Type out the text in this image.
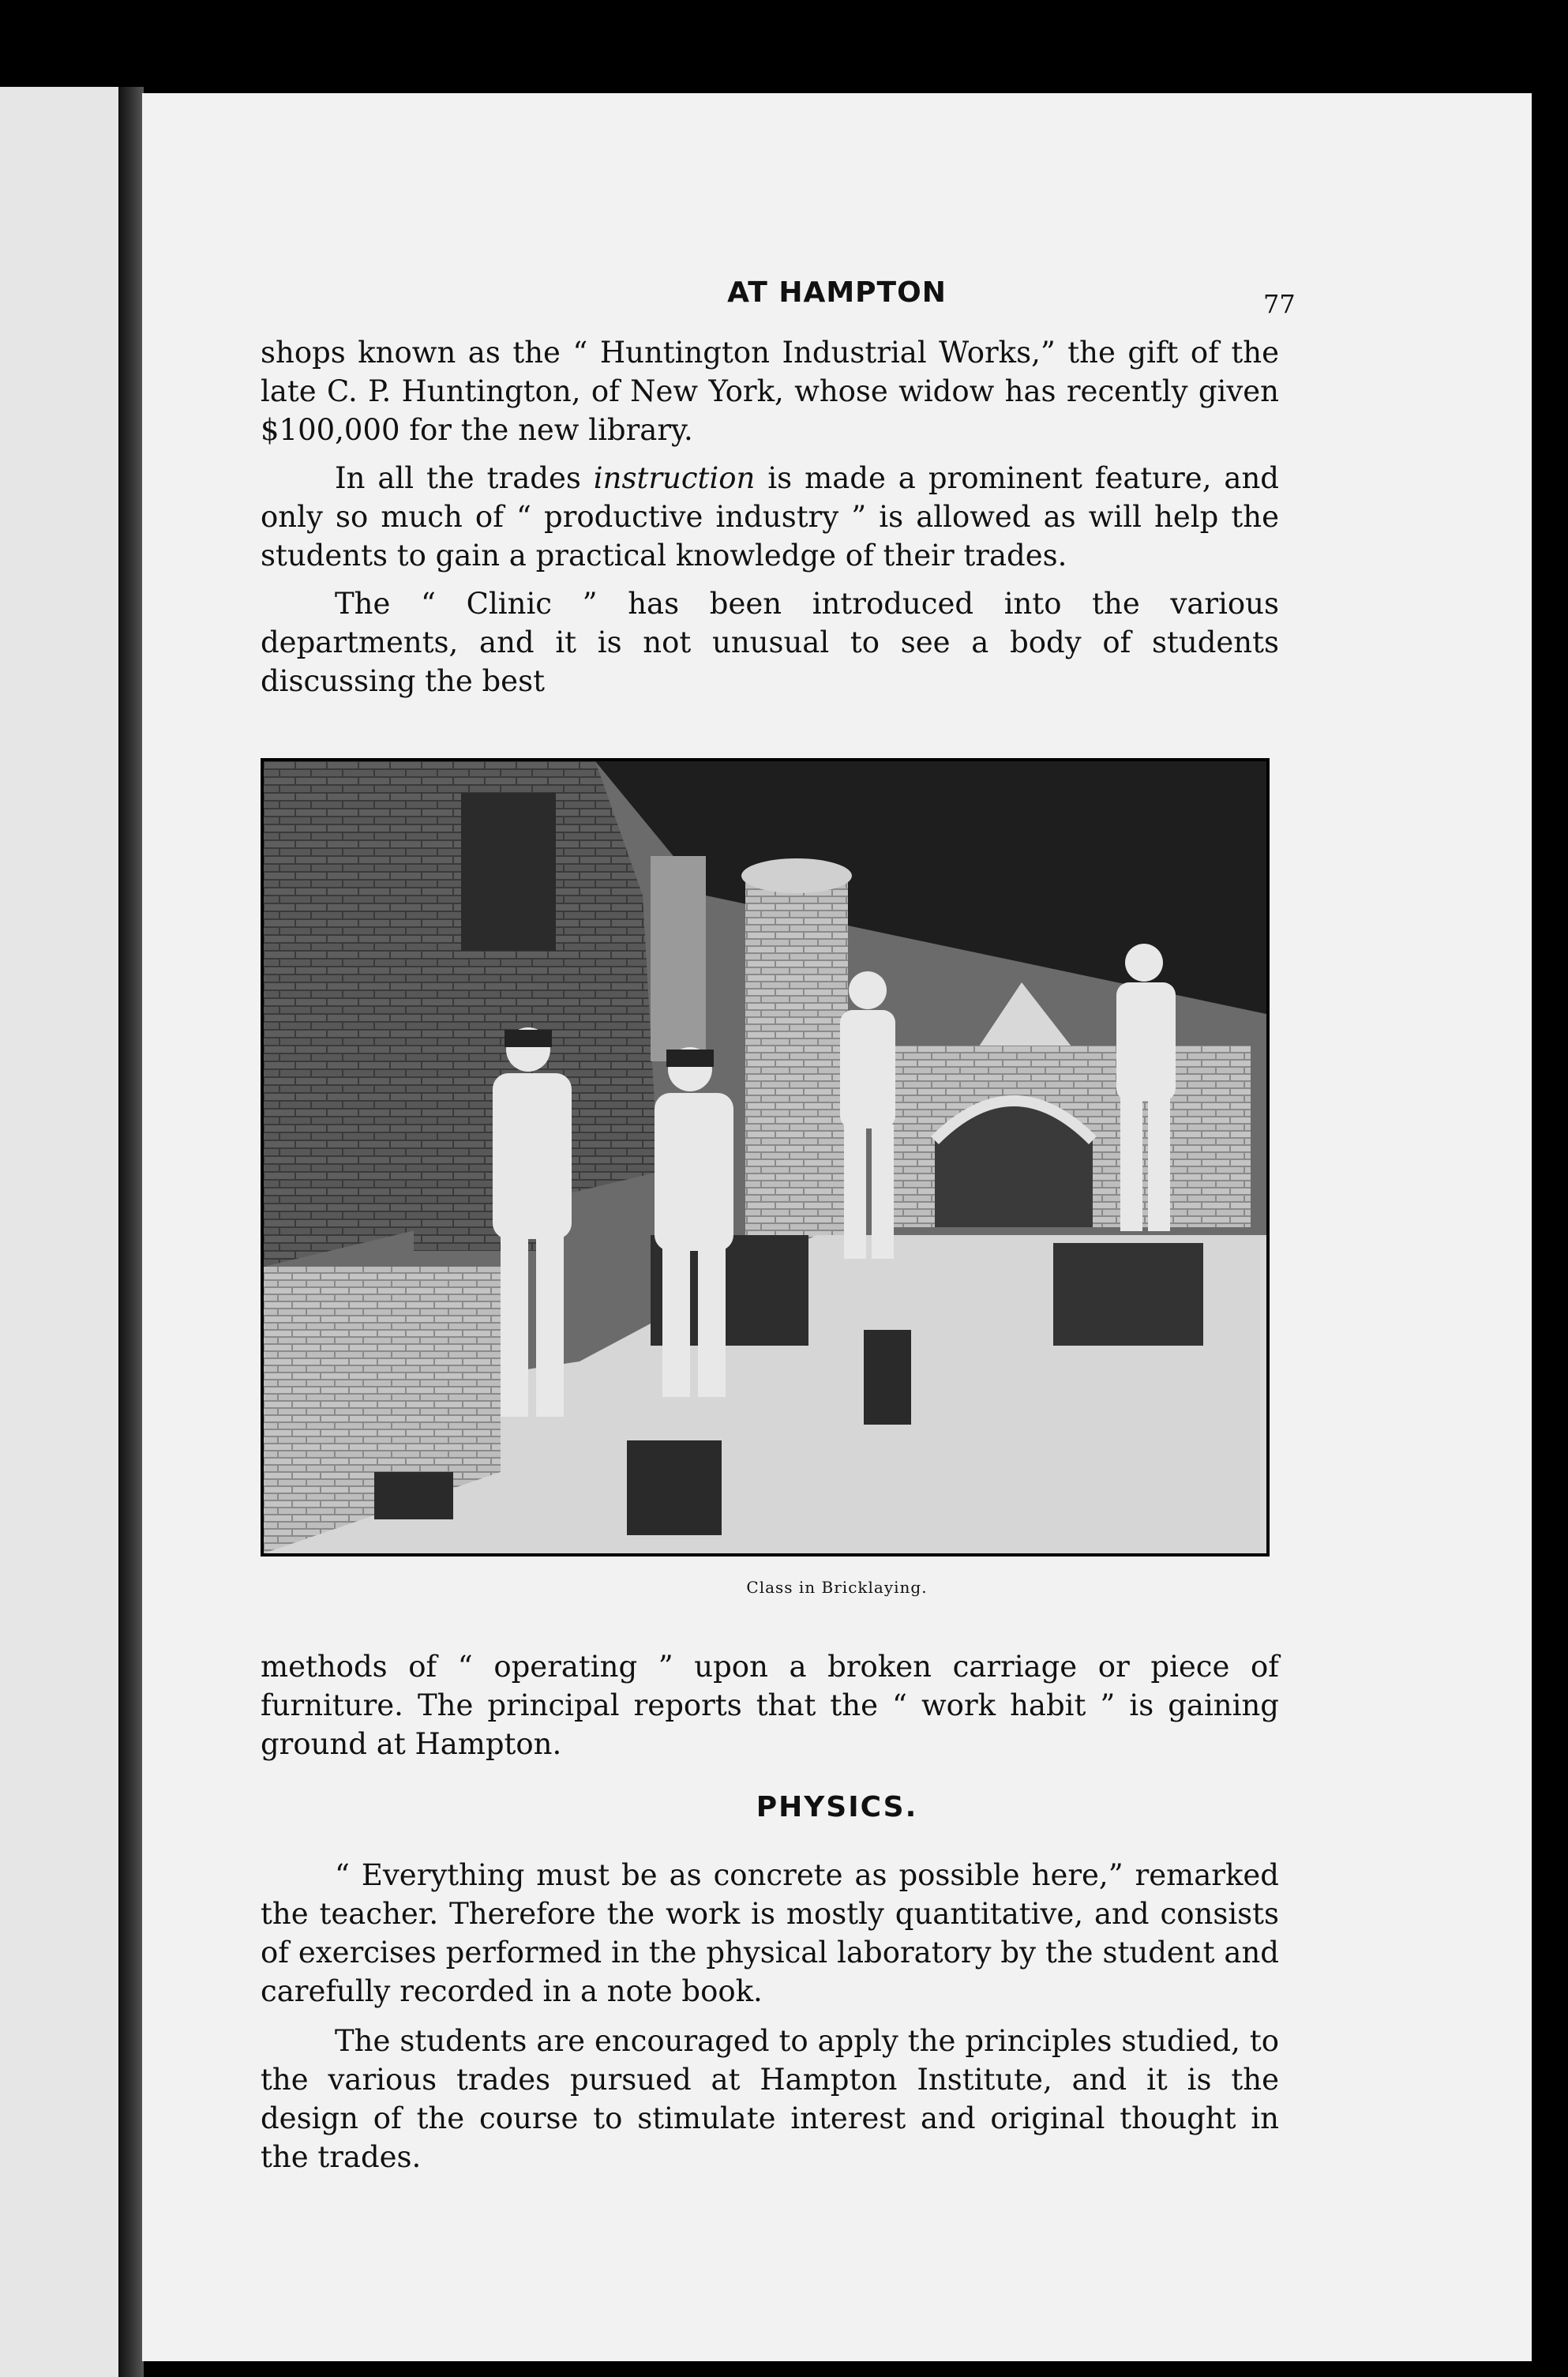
AT HAMPTON	77

shops known as the “ Huntington Industrial Works,” the gift of the late C. P. Huntington, of New York, whose widow has recently given $100,000 for the new library.

In all the trades instruction is made a prominent feature, and only so much of “ productive industry ” is allowed as will help the students to gain a practical knowledge of their trades.

The “ Clinic ” has been introduced into the various departments, and it is not unusual to see a body of students discussing the best

Class in Bricklaying.

methods of “ operating ” upon a broken carriage or piece of furniture. The principal reports that the “ work habit ” is gaining ground at Hampton.

PHYSICS.

“ Everything must be as concrete as possible here,” remarked the teacher. Therefore the work is mostly quantitative, and consists of exercises performed in the physical laboratory by the student and carefully recorded in a note book.

The students are encouraged to apply the principles studied, to the various trades pursued at Hampton Institute, and it is the design of the course to stimulate interest and original thought in the trades.
